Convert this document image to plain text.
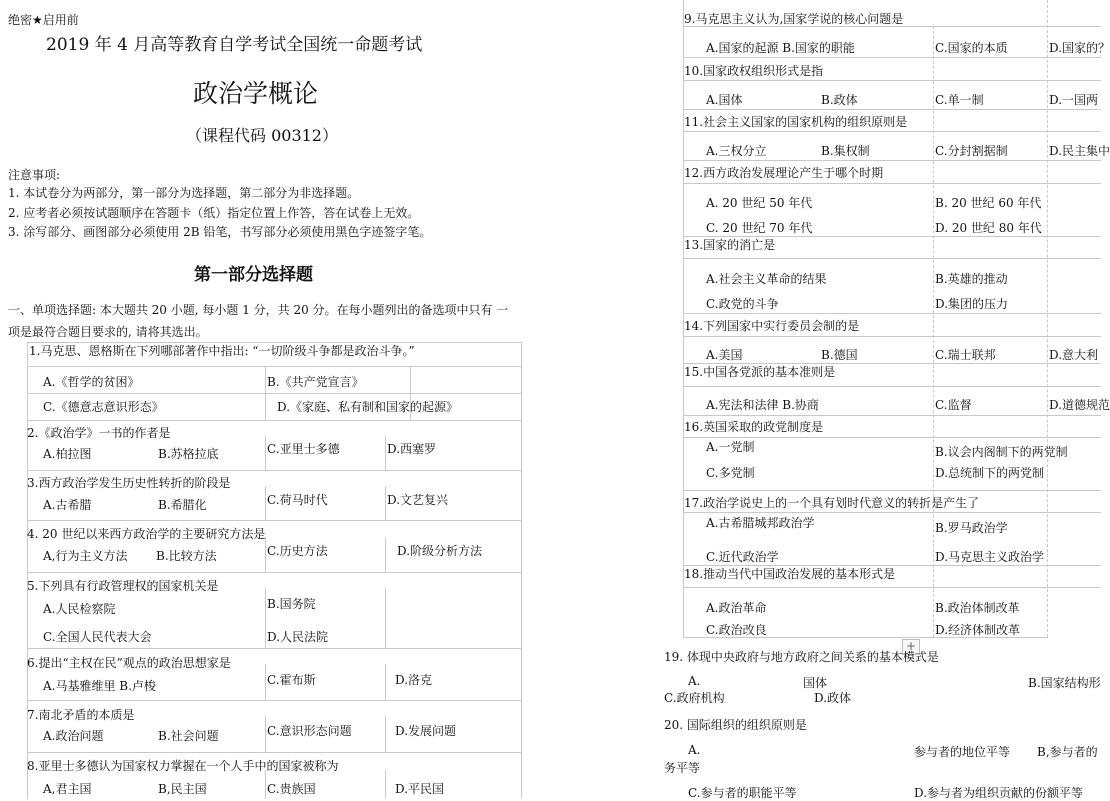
绝密★启用前
2019 年 4 月高等教育自学考试全国统一命题考试
政治学概论
（课程代码 00312）
注意事项:
1. 本试卷分为两部分，第一部分为选择题，第二部分为非选择题。
2. 应考者必须按试题顺序在答题卡（纸）指定位置上作答，答在试卷上无效。
3. 涂写部分、画图部分必须使用 2B 铅笔，书写部分必须使用黑色字迹签字笔。
第一部分选择题
一、单项选择题: 本大题共 20 小题, 每小题 1 分，共 20 分。在每小题列出的备选项中只有 一
项是最符合题目要求的, 请将其选出。
1.马克思、恩格斯在下列哪部著作中指出: “一切阶级斗争都是政治斗争。”
A.《哲学的贫困》	B.《共产党宣言》
C.《德意志意识形态》	D.《家庭、私有制和国家的起源》
2.《政治学》一书的作者是
A.柏拉图	B.苏格拉底	C.亚里士多德	D.西塞罗
3.西方政治学发生历史性转折的阶段是
A.古希腊	B.希腊化	C.荷马时代	D.文艺复兴
4. 20 世纪以来西方政治学的主要研究方法是
A,行为主义方法 B.比较方法	C.历史方法	D.阶级分析方法
5.下列具有行政管理权的国家机关是
A.人民检察院	B.国务院
C.全国人民代表大会	D.人民法院
6.提出“主权在民”观点的政治思想家是
A.马基雅维里 B.卢梭	C.霍布斯	D.洛克
7.南北矛盾的本质是
A.政治问题	B.社会问题	C.意识形态问题	D.发展问题
8.亚里士多德认为国家权力掌握在一个人手中的国家被称为
A,君主国	B,民主国	C.贵族国	D.平民国
+
9.马克思主义认为,国家学说的核心问题是
A.国家的起源 B.国家的职能	C.国家的本质	D.国家的？
10.国家政权组织形式是指
A.国体	B.政体	C.单一制	D.一国两
11.社会主义国家的国家机构的组织原则是
A.三权分立	B.集权制	C.分封割据制	D.民主集中
12.西方政治发展理论产生于哪个时期
A. 20 世纪 50 年代	B. 20 世纪 60 年代
C. 20 世纪 70 年代	D. 20 世纪 80 年代
13.国家的消亡是
A.社会主义革命的结果	B.英雄的推动
C.政党的斗争	D.集团的压力
14.下列国家中实行委员会制的是
A.美国	B.德国	C.瑞士联邦	D.意大利
15.中国各党派的基本准则是
A.宪法和法律 B.协商	C.监督	D.道德规范
16.英国采取的政党制度是
A.一党制	B.议会内阁制下的两党制
C.多党制	D.总统制下的两党制
17.政治学说史上的一个具有划时代意义的转折是产生了
A.古希腊城邦政治学	B.罗马政治学
C.近代政治学	D.马克思主义政治学
18.推动当代中国政治发展的基本形式是
A.政治革命	B.政治体制改革
C.政治改良	D.经济体制改革
19. 体现中央政府与地方政府之间关系的基本模式是
A.	国体	B.国家结构形
C.政府机构	D.政体
20. 国际组织的组织原则是
A.	参与者的地位平等 B,参与者的
务平等
C.参与者的职能平等	D.参与者为组织贡献的份额平等
